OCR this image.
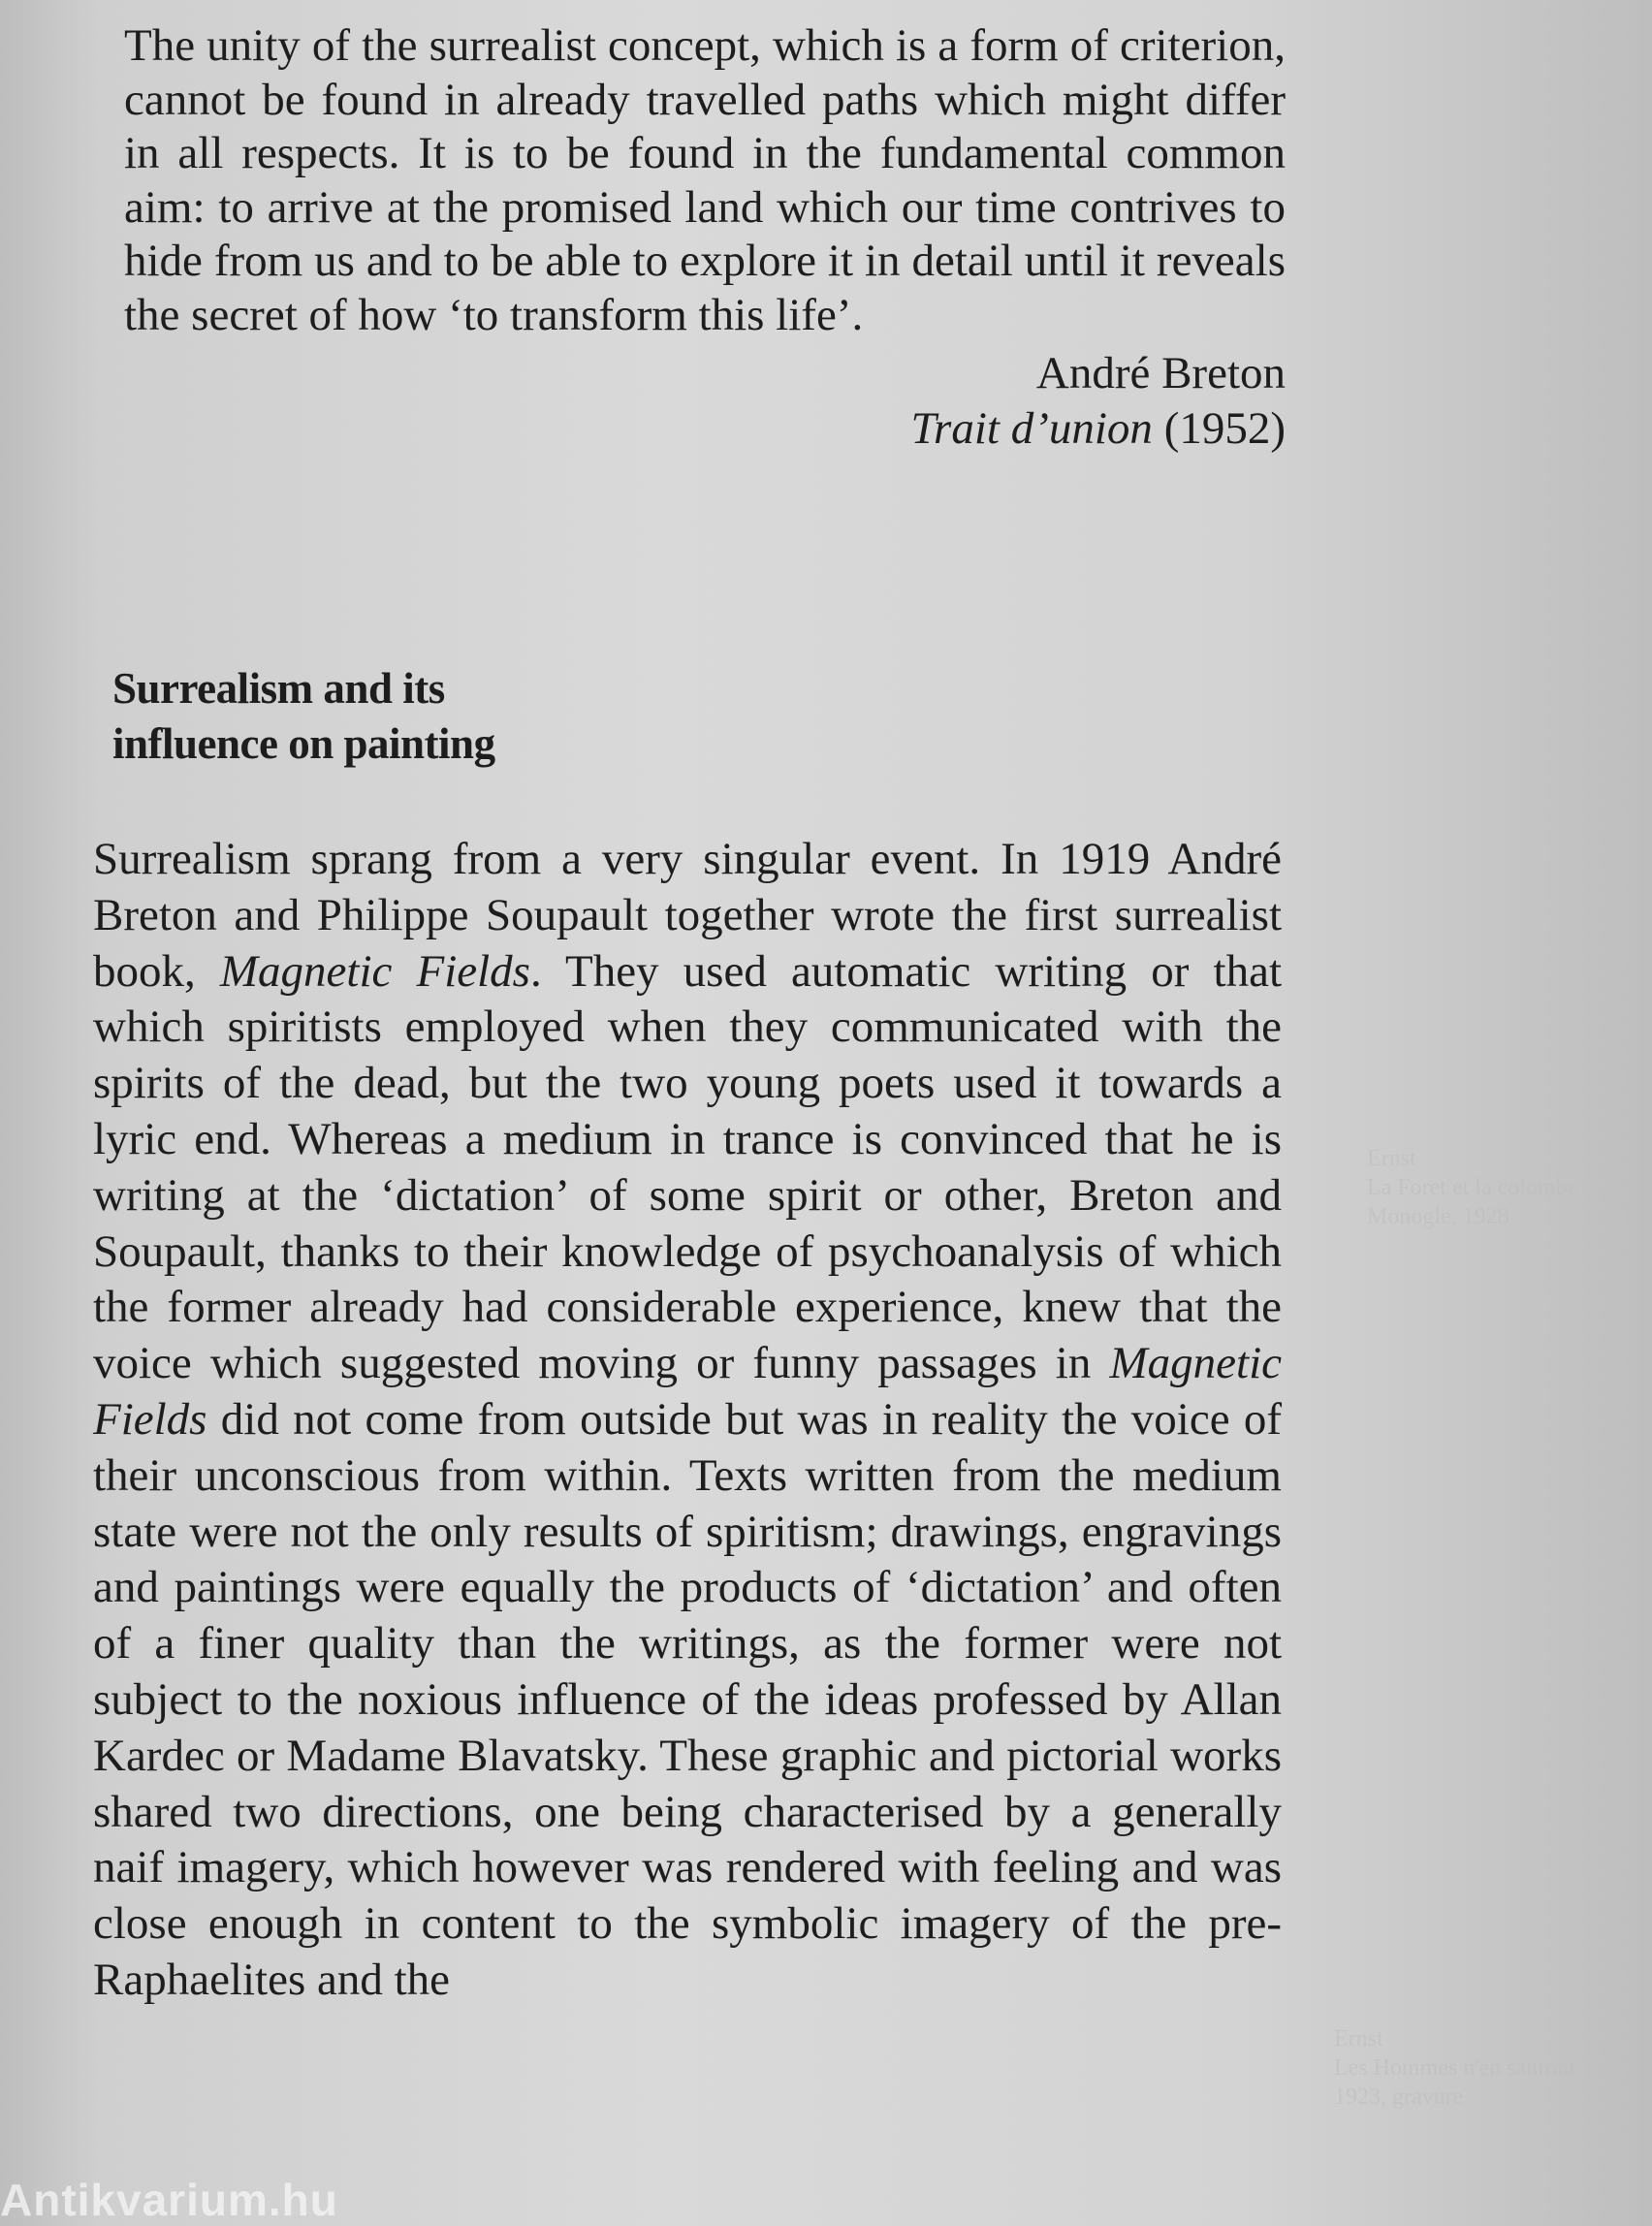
Ernst
La Foret et la colombe
Monogle, 1928
Ernst
Les Hommes n'en sauront
1923, gravure

The unity of the surrealist concept, which is a form of criterion, cannot be found in already travelled paths which might differ in all respects. It is to be found in the fundamental common aim: to arrive at the promised land which our time contrives to hide from us and to be able to explore it in detail until it reveals the secret of how ‘to transform this life’.

André Breton
Trait d’union (1952)
Surrealism and its
influence on painting

Surrealism sprang from a very singular event. In 1919 André Breton and Philippe Soupault together wrote the first surrealist book, Magnetic Fields. They used automatic writing or that which spiritists employed when they communicated with the spirits of the dead, but the two young poets used it towards a lyric end. Whereas a medium in trance is convinced that he is writing at the ‘dictation’ of some spirit or other, Breton and Soupault, thanks to their knowledge of psychoanalysis of which the former already had considerable experience, knew that the voice which suggested moving or funny passages in Magnetic Fields did not come from outside but was in reality the voice of their unconscious from within. Texts written from the medium state were not the only results of spiritism; drawings, engravings and paintings were equally the products of ‘dictation’ and often of a finer quality than the writings, as the former were not subject to the noxious influence of the ideas professed by Allan Kardec or Madame Blavatsky. These graphic and pictorial works shared two directions, one being characterised by a generally naif imagery, which however was rendered with feeling and was close enough in content to the symbolic imagery of the pre-Raphaelites and the

Antikvarium.hu
